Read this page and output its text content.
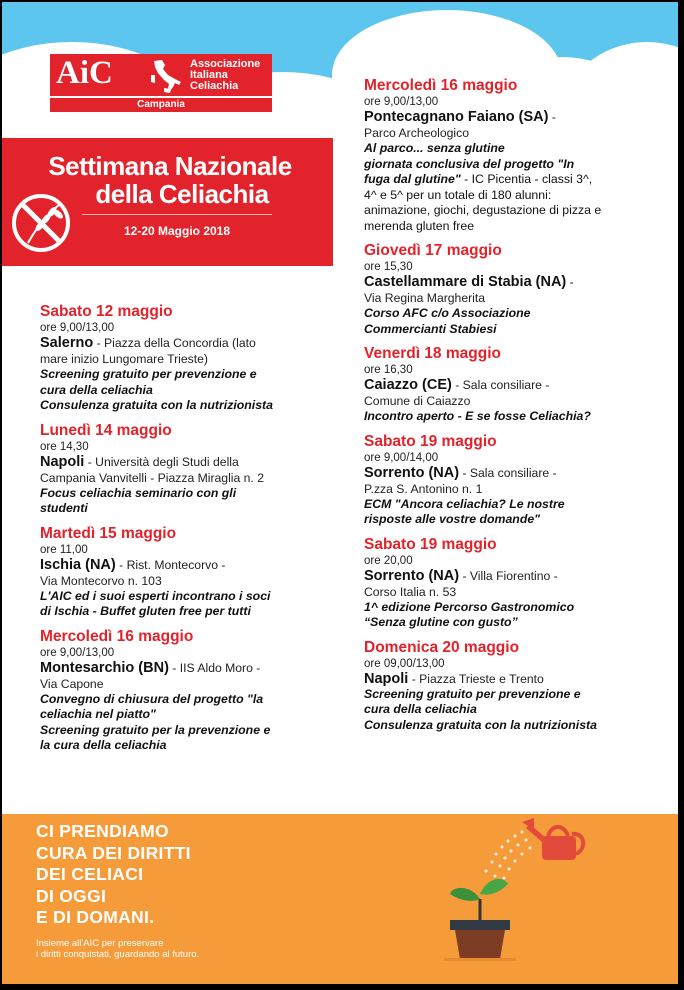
AiC	Associazione
Italiana
Celiachia
Campania
Settimana Nazionale
della Celiachia
12-20 Maggio 2018
Sabato 12 maggio
ore 9,00/13,00
Salerno - Piazza della Concordia (lato
mare inizio Lungomare Trieste)
Screening gratuito per prevenzione e
cura della celiachia
Consulenza gratuita con la nutrizionista
Lunedì 14 maggio
ore 14,30
Napoli - Università degli Studi della
Campania Vanvitelli - Piazza Miraglia n. 2
Focus celiachia seminario con gli
studenti
Martedì 15 maggio
ore 11,00
Ischia (NA) - Rist. Montecorvo -
Via Montecorvo n. 103
L'AIC ed i suoi esperti incontrano i soci
di Ischia - Buffet gluten free per tutti
Mercoledì 16 maggio
ore 9,00/13,00
Montesarchio (BN) - IIS Aldo Moro -
Via Capone
Convegno di chiusura del progetto "la
celiachia nel piatto"
Screening gratuito per la prevenzione e
la cura della celiachia
Mercoledì 16 maggio
ore 9,00/13,00
Pontecagnano Faiano (SA) -
Parco Archeologico
Al parco... senza glutine
giornata conclusiva del progetto "In
fuga dal glutine" - IC Picentia - classi 3^,
4^ e 5^ per un totale di 180 alunni:
animazione, giochi, degustazione di pizza e
merenda gluten free
Giovedì 17 maggio
ore 15,30
Castellammare di Stabia (NA) -
Via Regina Margherita
Corso AFC c/o Associazione
Commercianti Stabiesi
Venerdì 18 maggio
ore 16,30
Caiazzo (CE) - Sala consiliare -
Comune di Caiazzo
Incontro aperto - E se fosse Celiachia?
Sabato 19 maggio
ore 9,00/14,00
Sorrento (NA) - Sala consiliare -
P.zza S. Antonino n. 1
ECM "Ancora celiachia? Le nostre
risposte alle vostre domande"
Sabato 19 maggio
ore 20,00
Sorrento (NA) - Villa Fiorentino -
Corso Italia n. 53
1^ edizione Percorso Gastronomico
“Senza glutine con gusto”
Domenica 20 maggio
ore 09,00/13,00
Napoli - Piazza Trieste e Trento
Screening gratuito per prevenzione e
cura della celiachia
Consulenza gratuita con la nutrizionista
CI PRENDIAMO
CURA DEI DIRITTI
DEI CELIACI
DI OGGI
E DI DOMANI.
Insieme all'AIC per preservare
i diritti conquistati, guardando al futuro.
